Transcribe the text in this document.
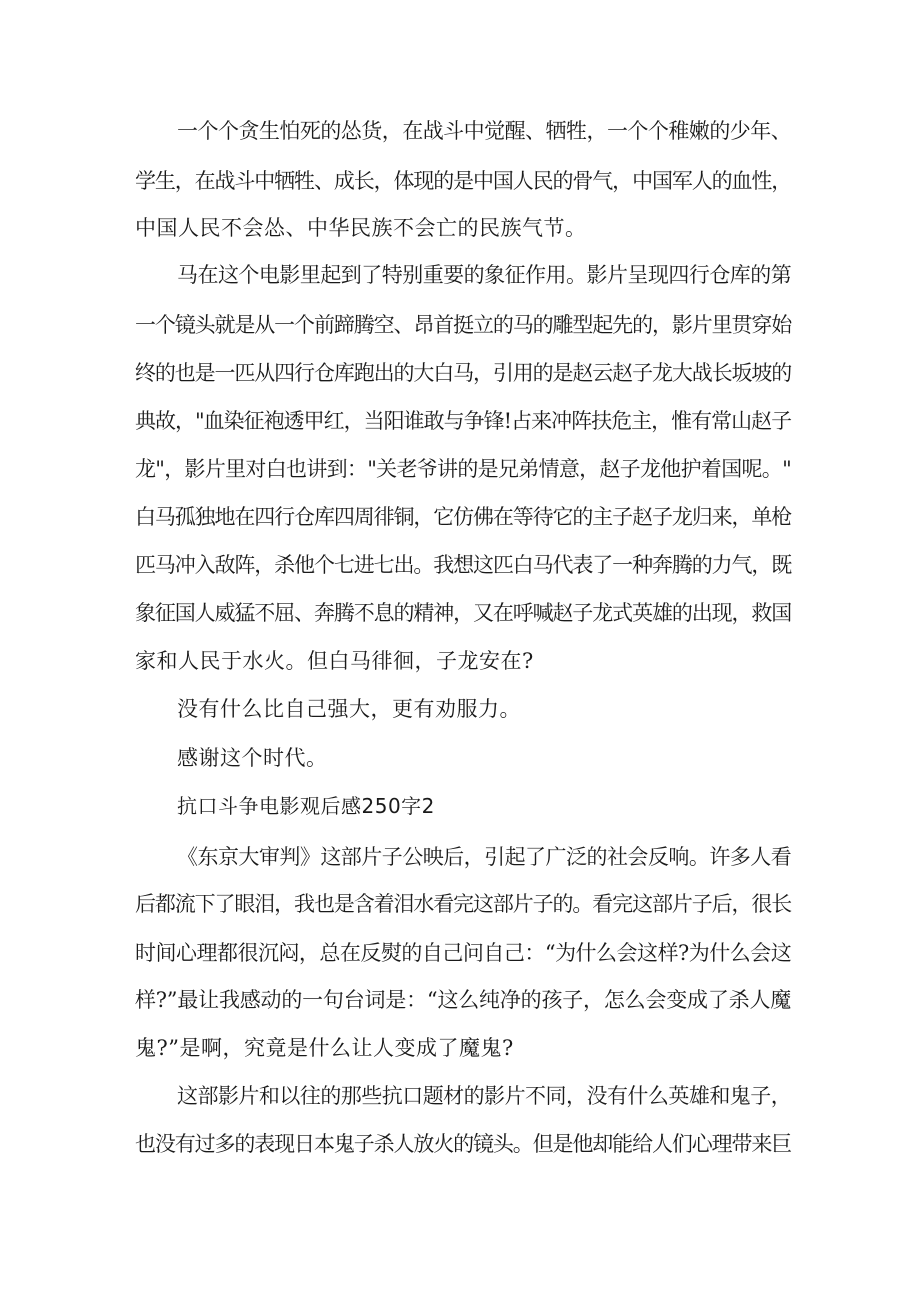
一个个贪生怕死的怂货，在战斗中觉醒、牺牲，一个个稚嫩的少年、

学生，在战斗中牺牲、成长，体现的是中国人民的骨气，中国军人的血性，

中国人民不会怂、中华民族不会亡的民族气节。

马在这个电影里起到了特别重要的象征作用。影片呈现四行仓库的第

一个镜头就是从一个前蹄腾空、昂首挺立的马的雕型起先的，影片里贯穿始

终的也是一匹从四行仓库跑出的大白马，引用的是赵云赵子龙大战长坂坡的

典故，"血染征袍透甲红，当阳谁敢与争锋!占来冲阵扶危主，惟有常山赵子

龙"，影片里对白也讲到："关老爷讲的是兄弟情意，赵子龙他护着国呢。"

白马孤独地在四行仓库四周徘铜，它仿佛在等待它的主子赵子龙归来，单枪

匹马冲入敌阵，杀他个七进七出。我想这匹白马代表了一种奔腾的力气，既

象征国人威猛不屈、奔腾不息的精神，又在呼喊赵子龙式英雄的出现，救国

家和人民于水火。但白马徘徊，子龙安在?

没有什么比自己强大，更有劝服力。

感谢这个时代。

抗口斗争电影观后感250字2

《东京大审判》这部片子公映后，引起了广泛的社会反响。许多人看

后都流下了眼泪，我也是含着泪水看完这部片子的。看完这部片子后，很长

时间心理都很沉闷，总在反熨的自己问自己：“为什么会这样?为什么会这

样?”最让我感动的一句台词是：“这么纯净的孩子，怎么会变成了杀人魔

鬼?”是啊，究竟是什么让人变成了魔鬼?

这部影片和以往的那些抗口题材的影片不同，没有什么英雄和鬼子，

也没有过多的表现日本鬼子杀人放火的镜头。但是他却能给人们心理带来巨
